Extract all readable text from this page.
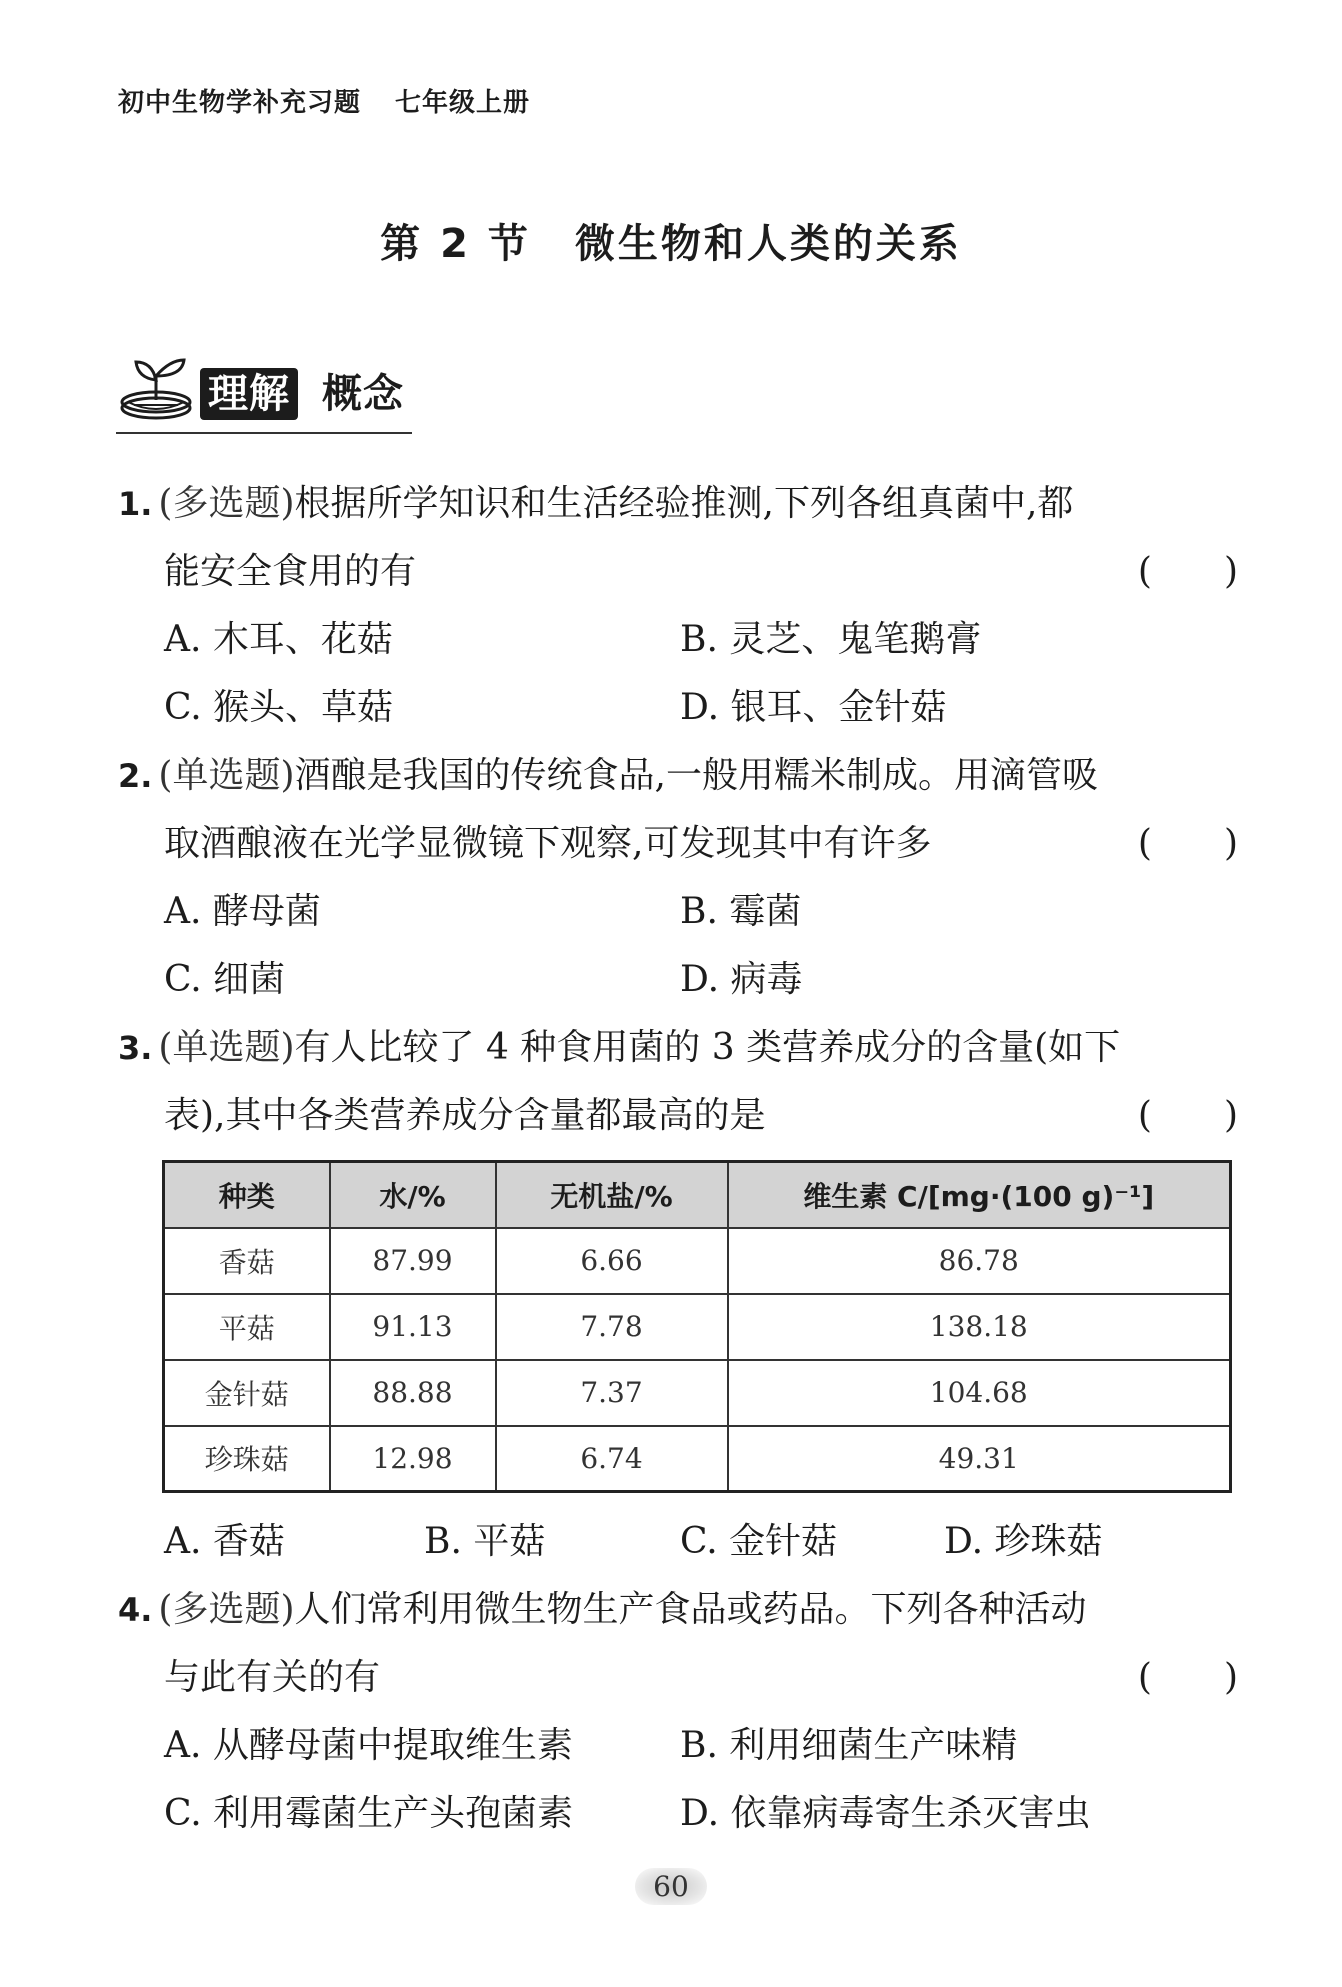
初中生物学补充习题 七年级上册
第 2 节 微生物和人类的关系
理解 概念
1. (多选题)根据所学知识和生活经验推测,下列各组真菌中,都
能安全食用的有	( )
A. 木耳、花菇	B. 灵芝、鬼笔鹅膏
C. 猴头、草菇	D. 银耳、金针菇
2. (单选题)酒酿是我国的传统食品,一般用糯米制成。用滴管吸
取酒酿液在光学显微镜下观察,可发现其中有许多	( )
A. 酵母菌	B. 霉菌
C. 细菌	D. 病毒
3. (单选题)有人比较了 4 种食用菌的 3 类营养成分的含量(如下
表),其中各类营养成分含量都最高的是	( )
种类	水/%	无机盐/%	维生素 C/[mg·(100 g)⁻¹]
香菇	87.99	6.66	86.78
平菇	91.13	7.78	138.18
金针菇	88.88	7.37	104.68
珍珠菇	12.98	6.74	49.31
A. 香菇	B. 平菇	C. 金针菇	D. 珍珠菇
4. (多选题)人们常利用微生物生产食品或药品。下列各种活动
与此有关的有	( )
A. 从酵母菌中提取维生素	B. 利用细菌生产味精
C. 利用霉菌生产头孢菌素	D. 依靠病毒寄生杀灭害虫
60
